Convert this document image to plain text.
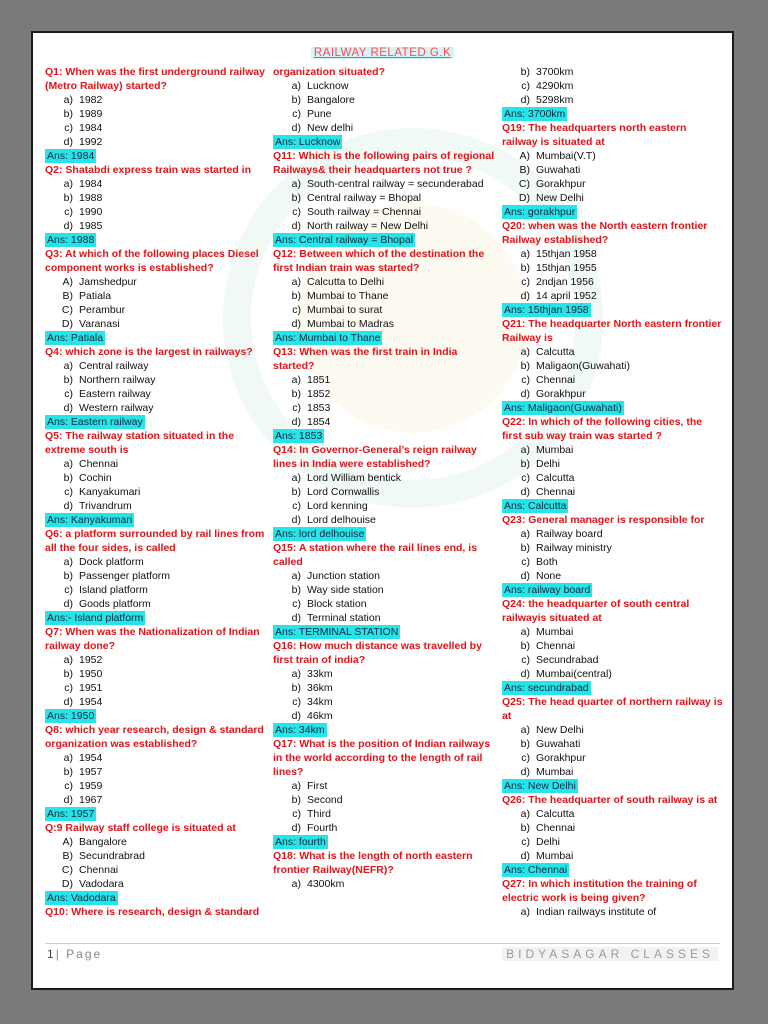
RAILWAY RELATED G.K
Q1: When was the first underground railway (Metro Railway) started?
a) 1982
b) 1989
c) 1984
d) 1992
Ans: 1984
Q2: Shatabdi express train was started in
a) 1984
b) 1988
c) 1990
d) 1985
Ans: 1988
Q3: At which of the following places Diesel component works is established?
A) Jamshedpur
B) Patiala
C) Perambur
D) Varanasi
Ans: Patiala
Q4: which zone is the largest in railways?
a) Central railway
b) Northern railway
c) Eastern railway
d) Western railway
Ans: Eastern railway
Q5: The railway station situated in the extreme south is
a) Chennai
b) Cochin
c) Kanyakumari
d) Trivandrum
Ans: Kanyakumari
Q6: a platform surrounded by rail lines from all the four sides, is called
a) Dock platform
b) Passenger platform
c) Island platform
d) Goods platform
Ans:- Island platform
Q7: When was the Nationalization of Indian railway done?
a) 1952
b) 1950
c) 1951
d) 1954
Ans: 1950
Q8: which year research, design & standard organization was established?
a) 1954
b) 1957
c) 1959
d) 1967
Ans: 1957
Q:9 Railway staff college is situated at
A) Bangalore
B) Secundrabrad
C) Chennai
D) Vadodara
Ans: Vadodara
Q10: Where is research, design & standard
organization situated?
a) Lucknow
b) Bangalore
c) Pune
d) New delhi
Ans: Lucknow
Q11: Which is the following pairs of regional Railways& their headquarters not true ?
a) South-central railway = secunderabad
b) Central railway = Bhopal
c) South railway = Chennai
d) North railway = New Delhi
Ans: Central railway = Bhopal
Q12: Between which of the destination the first Indian train was started?
a) Calcutta to Delhi
b) Mumbai to Thane
c) Mumbai to surat
d) Mumbai to Madras
Ans: Mumbai to Thane
Q13: When was the first train in India started?
a) 1851
b) 1852
c) 1853
d) 1854
Ans: 1853
Q14: In Governor-General’s reign railway lines in India were established?
a) Lord William bentick
b) Lord Cornwallis
c) Lord kenning
d) Lord delhouise
Ans: lord delhouise
Q15: A station where the rail lines end, is called
a) Junction station
b) Way side station
c) Block station
d) Terminal station
Ans: TERMINAL STATION
Q16: How much distance was travelled by first train of india?
a) 33km
b) 36km
c) 34km
d) 46km
Ans: 34km
Q17: What is the position of Indian railways in the world according to the length of rail lines?
a) First
b) Second
c) Third
d) Fourth
Ans: fourth
Q18: What is the length of north eastern frontier Railway(NEFR)?
a) 4300km
b) 3700km
c) 4290km
d) 5298km
Ans: 3700km
Q19: The headquarters north eastern railway is situated at
A) Mumbai(V.T)
B) Guwahati
C) Gorakhpur
D) New Delhi
Ans: gorakhpur
Q20: when was the North eastern frontier Railway established?
a) 15thjan 1958
b) 15thjan 1955
c) 2ndjan 1956
d) 14 april 1952
Ans: 15thjan 1958
Q21: The headquarter North eastern frontier Railway is
a) Calcutta
b) Maligaon(Guwahati)
c) Chennai
d) Gorakhpur
Ans: Maligaon(Guwahati)
Q22: In which of the following cities, the first sub way train was started ?
a) Mumbai
b) Delhi
c) Calcutta
d) Chennai
Ans: Calcutta
Q23: General manager is responsible for
a) Railway board
b) Railway ministry
c) Both
d) None
Ans: railway board
Q24: the headquarter of south central railwayis situated at
a) Mumbai
b) Chennai
c) Secundrabad
d) Mumbai(central)
Ans: secundrabad
Q25: The head quarter of northern railway is at
a) New Delhi
b) Guwahati
c) Gorakhpur
d) Mumbai
Ans: New Delhi
Q26: The headquarter of south railway is at
a) Calcutta
b) Chennai
c) Delhi
d) Mumbai
Ans: Chennai
Q27: In which institution the training of electric work is being given?
a) Indian railways institute of
1| Page	BIDYASAGAR CLASSES
